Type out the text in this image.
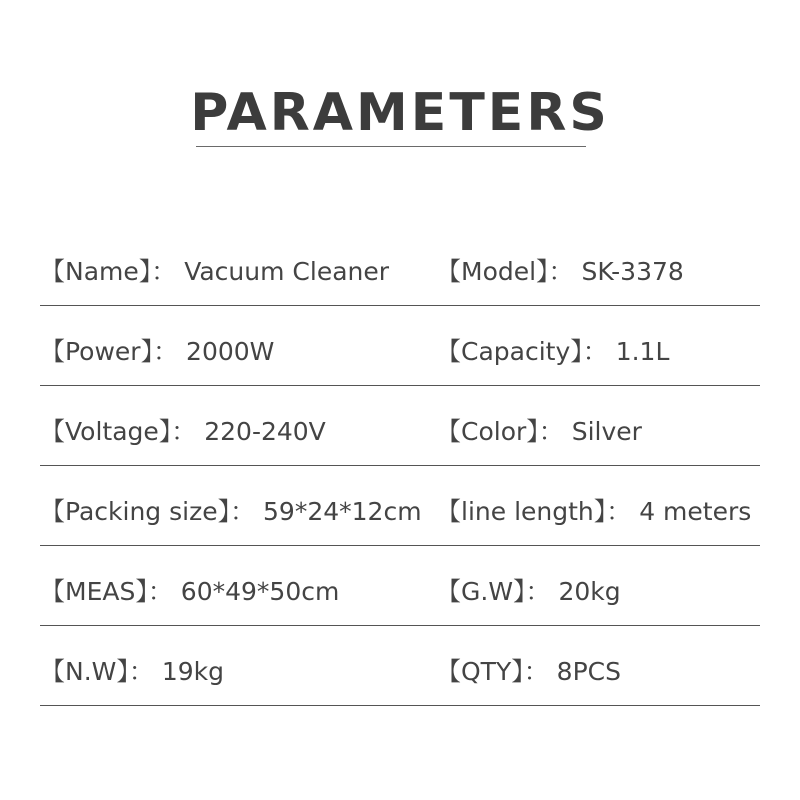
PARAMETERS
【Name】： Vacuum Cleaner 【Model】： SK-3378
【Power】： 2000W	【Capacity】： 1.1L
【Voltage】： 220-240V	【Color】： Silver
【Packing size】： 59*24*12cm 【line length】： 4 meters
【MEAS】： 60*49*50cm	【G.W】： 20kg
【N.W】： 19kg	【QTY】： 8PCS
